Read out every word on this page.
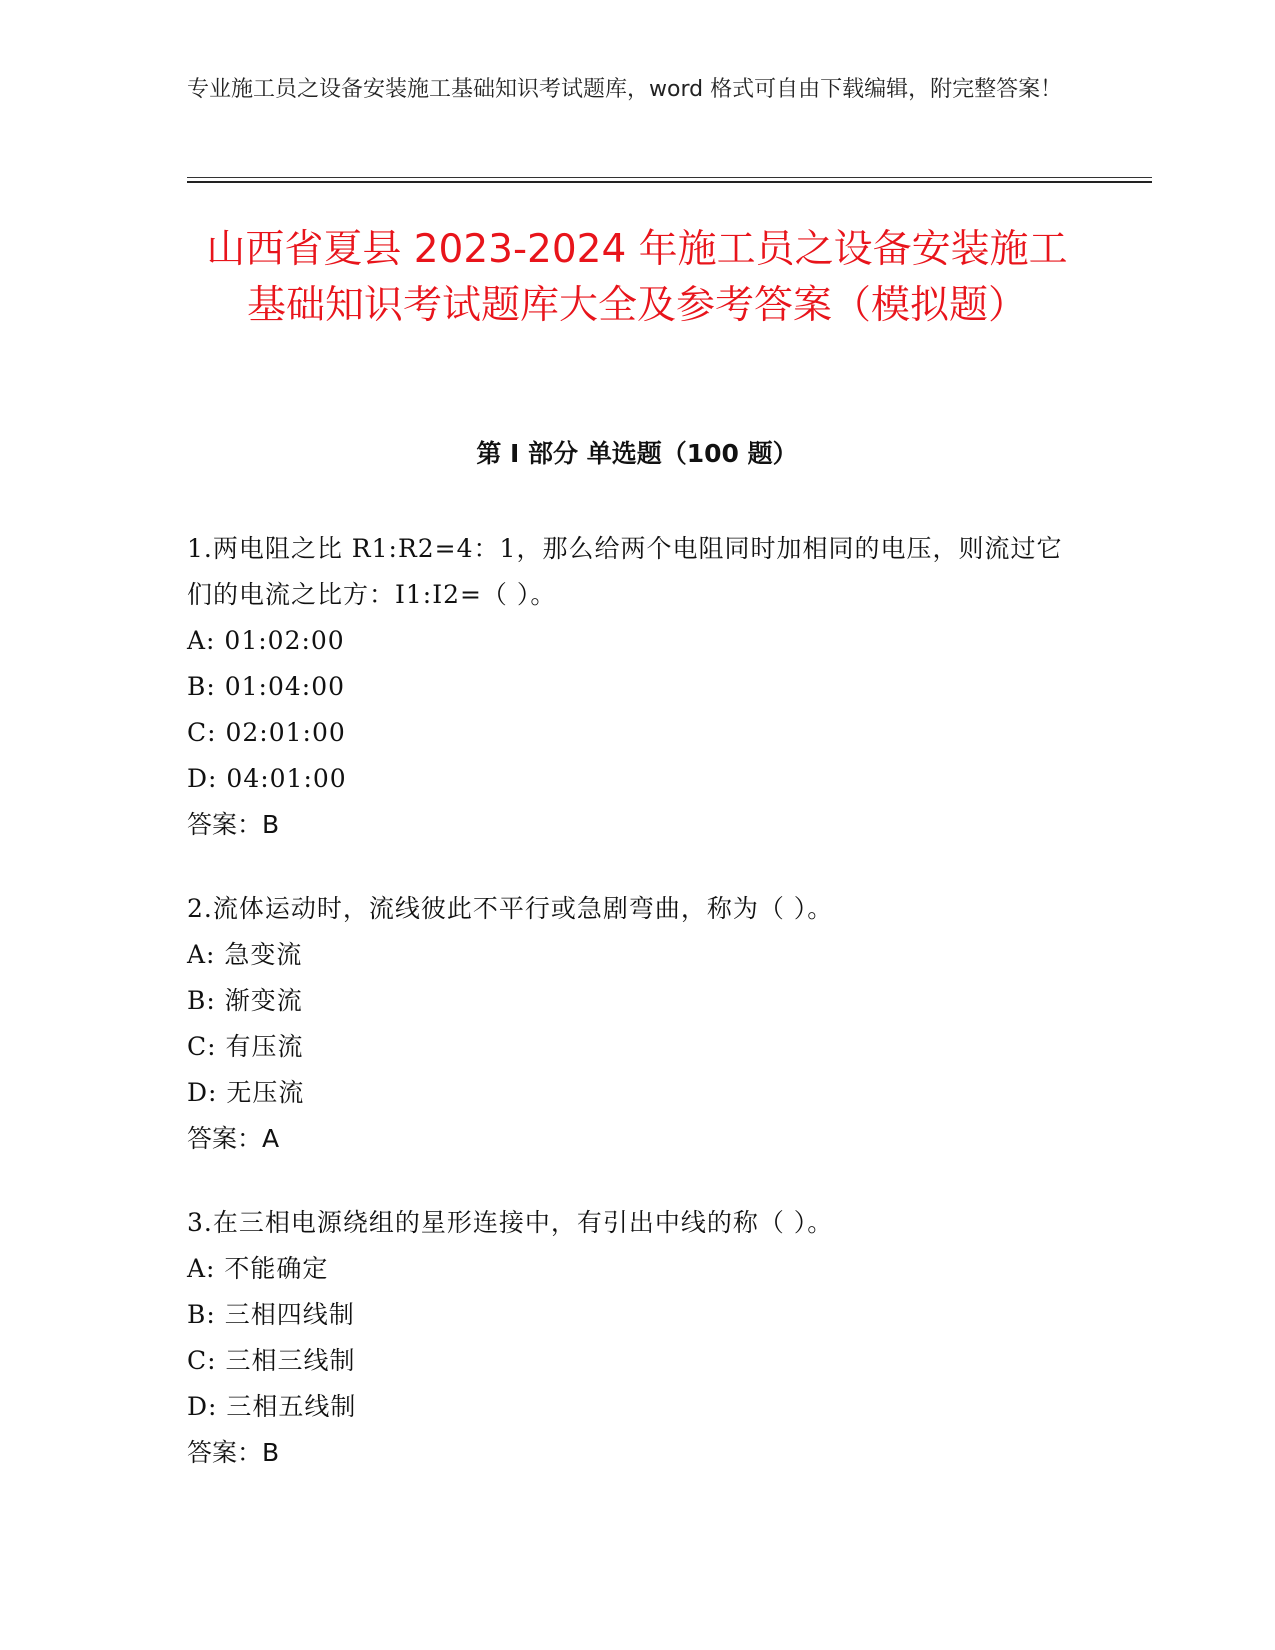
专业施工员之设备安装施工基础知识考试题库，word 格式可自由下载编辑，附完整答案！
山西省夏县 2023-2024 年施工员之设备安装施工基础知识考试题库大全及参考答案（模拟题）
第 I 部分 单选题（100 题）

1.两电阻之比 R1:R2=4：1，那么给两个电阻同时加相同的电压，则流过它们的电流之比方：I1:I2=（ ）。

A: 01:02:00

B: 01:04:00

C: 02:01:00

D: 04:01:00

答案：B

2.流体运动时，流线彼此不平行或急剧弯曲，称为（ ）。

A: 急变流

B: 渐变流

C: 有压流

D: 无压流

答案：A

3.在三相电源绕组的星形连接中，有引出中线的称（ ）。

A: 不能确定

B: 三相四线制

C: 三相三线制

D: 三相五线制

答案：B
